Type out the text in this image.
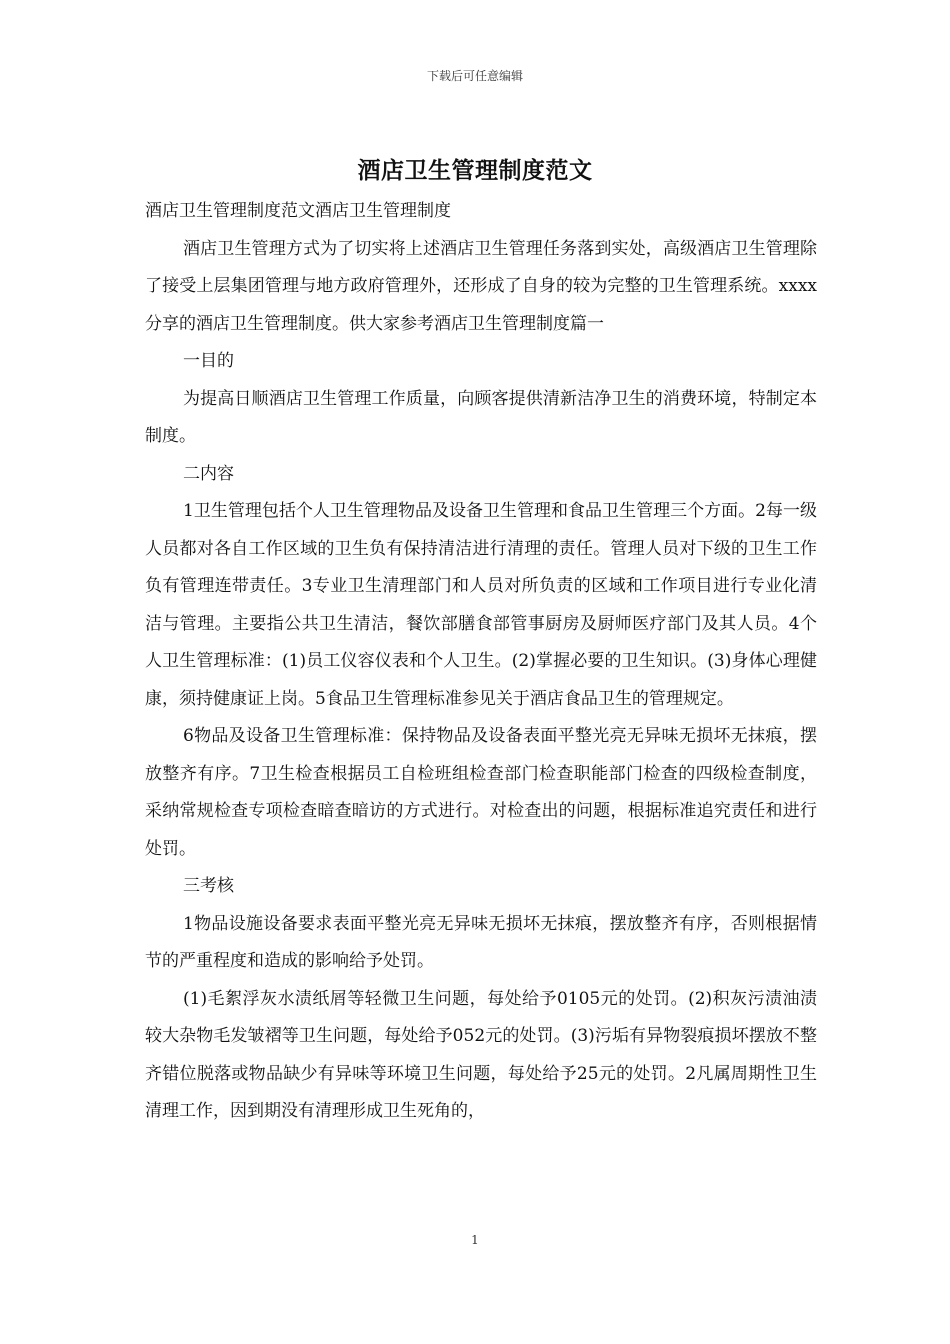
下载后可任意编辑
酒店卫生管理制度范文

酒店卫生管理制度范文酒店卫生管理制度

酒店卫生管理方式为了切实将上述酒店卫生管理任务落到实处，高级酒店卫生管理除了接受上层集团管理与地方政府管理外，还形成了自身的较为完整的卫生管理系统。xxxx分享的酒店卫生管理制度。供大家参考酒店卫生管理制度篇一

一目的

为提高日顺酒店卫生管理工作质量，向顾客提供清新洁净卫生的消费环境，特制定本制度。

二内容

1卫生管理包括个人卫生管理物品及设备卫生管理和食品卫生管理三个方面。2每一级人员都对各自工作区域的卫生负有保持清洁进行清理的责任。管理人员对下级的卫生工作负有管理连带责任。3专业卫生清理部门和人员对所负责的区域和工作项目进行专业化清洁与管理。主要指公共卫生清洁，餐饮部膳食部管事厨房及厨师医疗部门及其人员。4个人卫生管理标准：(1)员工仪容仪表和个人卫生。(2)掌握必要的卫生知识。(3)身体心理健康，须持健康证上岗。5食品卫生管理标准参见关于酒店食品卫生的管理规定。

6物品及设备卫生管理标准：保持物品及设备表面平整光亮无异味无损坏无抹痕，摆放整齐有序。7卫生检查根据员工自检班组检查部门检查职能部门检查的四级检查制度，采纳常规检查专项检查暗查暗访的方式进行。对检查出的问题，根据标准追究责任和进行处罚。

三考核

1物品设施设备要求表面平整光亮无异味无损坏无抹痕，摆放整齐有序，否则根据情节的严重程度和造成的影响给予处罚。

(1)毛絮浮灰水渍纸屑等轻微卫生问题，每处给予0105元的处罚。(2)积灰污渍油渍较大杂物毛发皱褶等卫生问题，每处给予052元的处罚。(3)污垢有异物裂痕损坏摆放不整齐错位脱落或物品缺少有异味等环境卫生问题，每处给予25元的处罚。2凡属周期性卫生清理工作，因到期没有清理形成卫生死角的，

1
